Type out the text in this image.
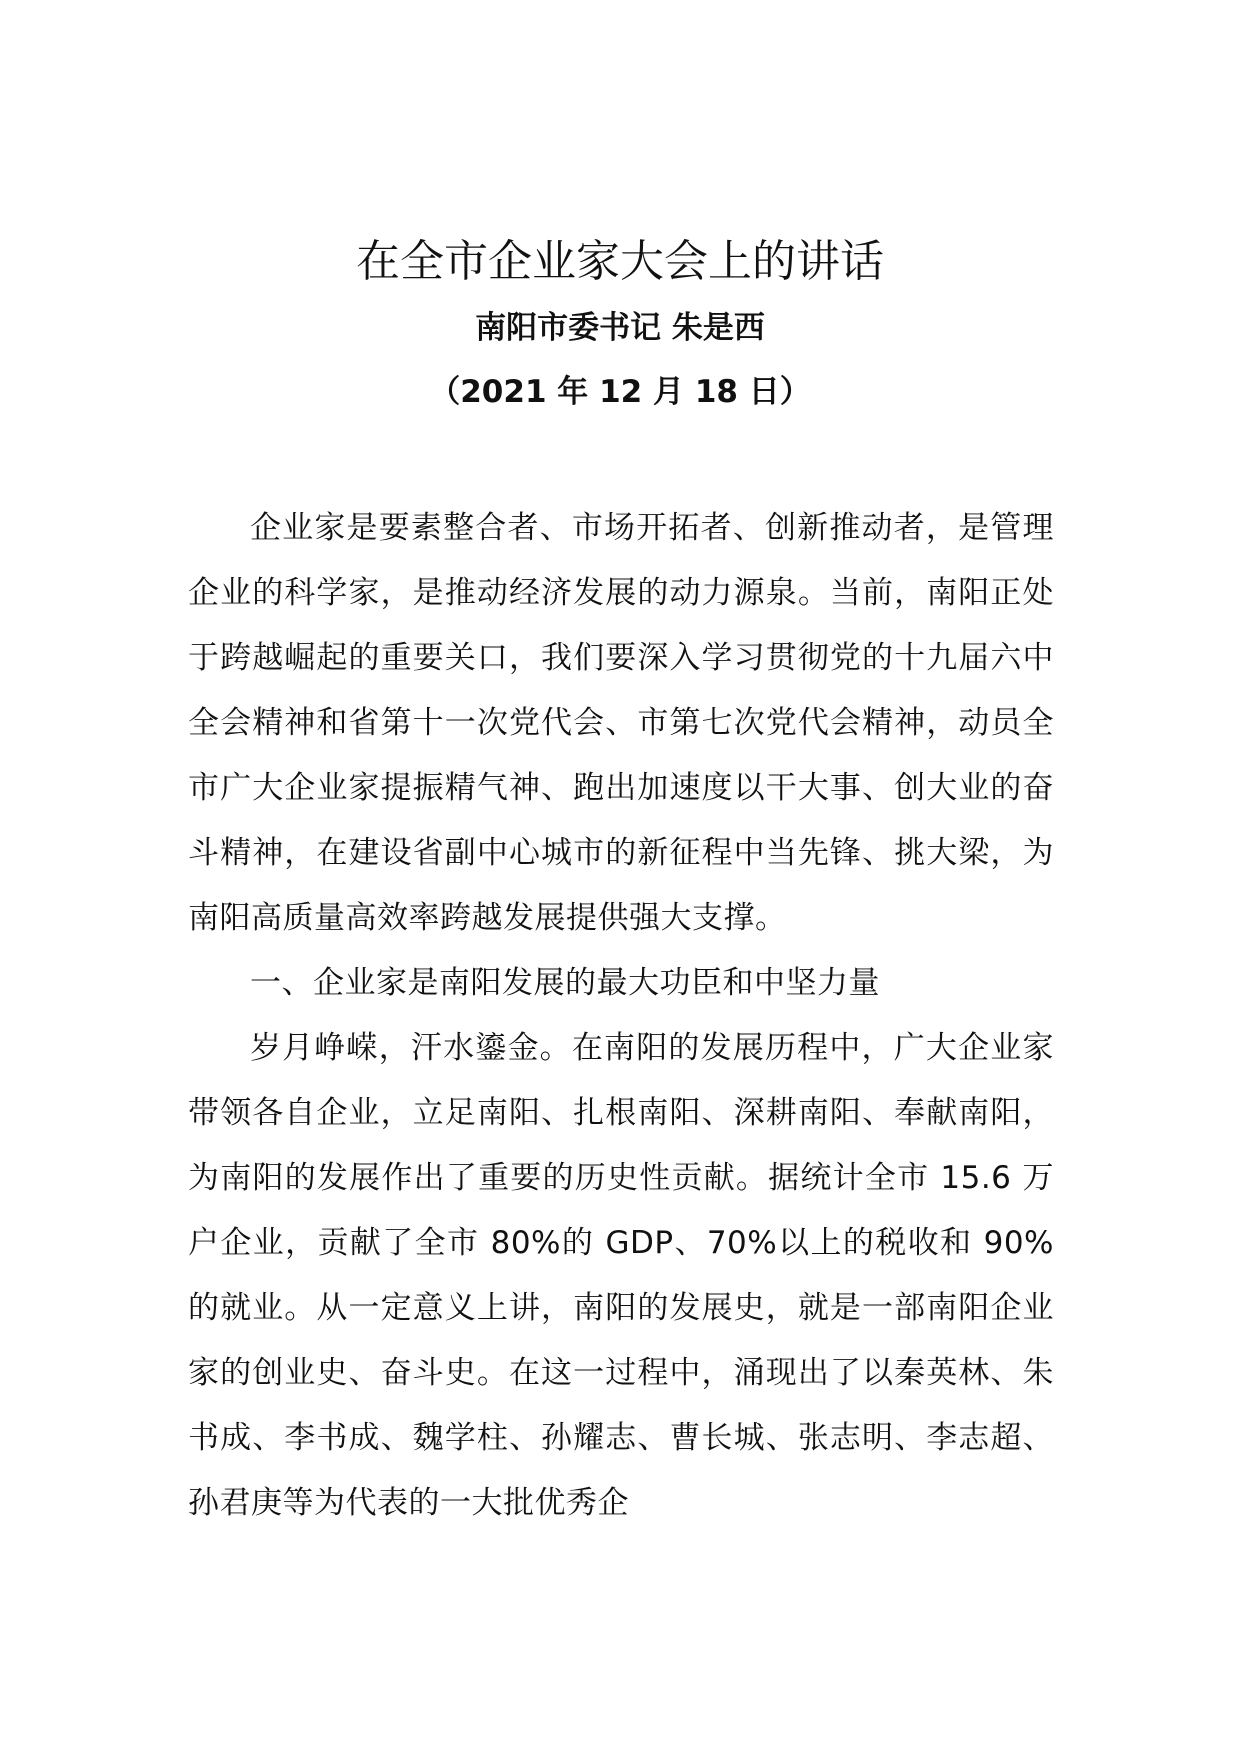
在全市企业家大会上的讲话
南阳市委书记 朱是西
（2021 年 12 月 18 日）

企业家是要素整合者、市场开拓者、创新推动者，是管理企业的科学家，是推动经济发展的动力源泉。当前，南阳正处于跨越崛起的重要关口，我们要深入学习贯彻党的十九届六中全会精神和省第十一次党代会、市第七次党代会精神，动员全市广大企业家提振精气神、跑出加速度以干大事、创大业的奋斗精神，在建设省副中心城市的新征程中当先锋、挑大梁，为南阳高质量高效率跨越发展提供强大支撑。

一、企业家是南阳发展的最大功臣和中坚力量

岁月峥嵘，汗水鎏金。在南阳的发展历程中，广大企业家带领各自企业，立足南阳、扎根南阳、深耕南阳、奉献南阳，为南阳的发展作出了重要的历史性贡献。据统计全市 15.6 万户企业，贡献了全市 80%的 GDP、70%以上的税收和 90%的就业。从一定意义上讲，南阳的发展史，就是一部南阳企业家的创业史、奋斗史。在这一过程中，涌现出了以秦英林、朱书成、李书成、魏学柱、孙耀志、曹长城、张志明、李志超、孙君庚等为代表的一大批优秀企
